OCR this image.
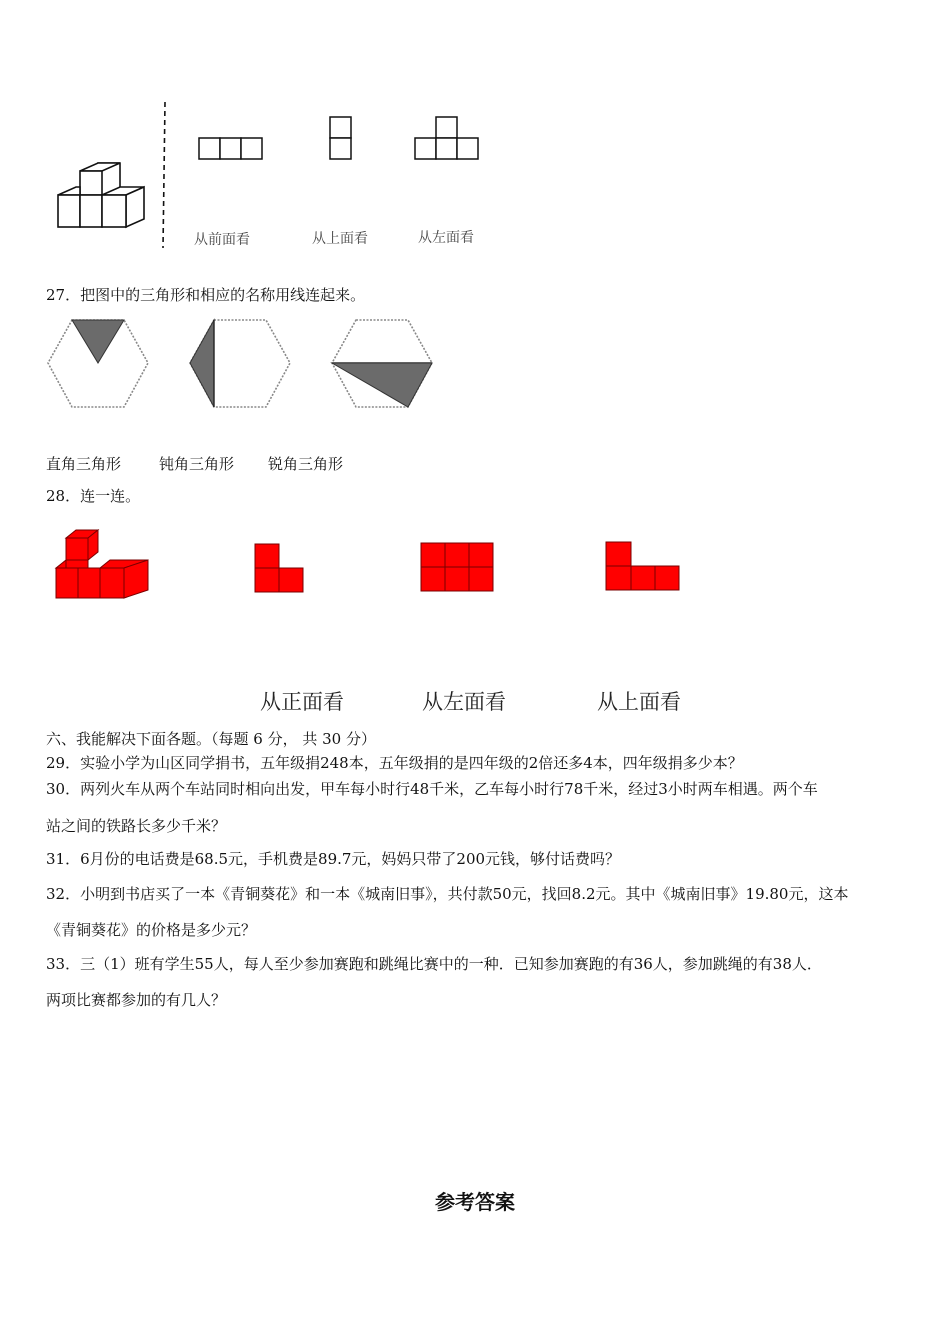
从前面看	从上面看	从左面看
27．把图中的三角形和相应的名称用线连起来。
直角三角形	钝角三角形 锐角三角形
28．连一连。
从正面看	从左面看	从上面看
六、我能解决下面各题。（每题 6 分， 共 30 分）
29．实验小学为山区同学捐书，五年级捐248本，五年级捐的是四年级的2倍还多4本，四年级捐多少本？
30．两列火车从两个车站同时相向出发，甲车每小时行48千米，乙车每小时行78千米，经过3小时两车相遇。两个车
站之间的铁路长多少千米？
31．6月份的电话费是68.5元，手机费是89.7元，妈妈只带了200元钱，够付话费吗？
32．小明到书店买了一本《青铜葵花》和一本《城南旧事》，共付款50元，找回8.2元。其中《城南旧事》19.80元，这本
《青铜葵花》的价格是多少元？
33．三（1）班有学生55人，每人至少参加赛跑和跳绳比赛中的一种．已知参加赛跑的有36人，参加跳绳的有38人．
两项比赛都参加的有几人？
参考答案
